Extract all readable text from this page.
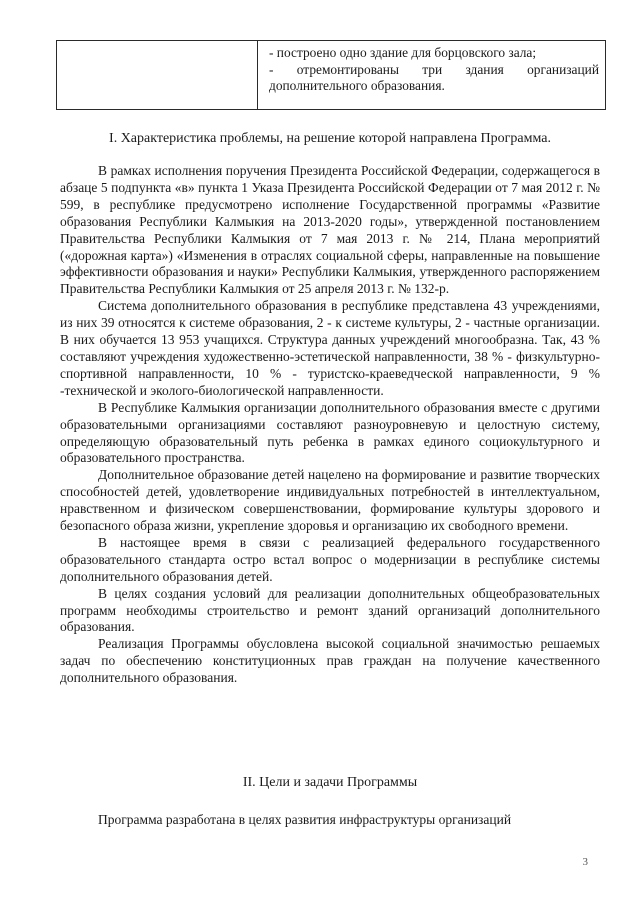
- построено одно здание для борцовского зала;

- отремонтированы три здания организаций дополнительного образования.

I. Характеристика проблемы, на решение которой направлена Программа.

В рамках исполнения поручения Президента Российской Федерации, содержащегося в абзаце 5 подпункта «в» пункта 1 Указа Президента Российской Федерации от 7 мая 2012 г. № 599, в республике предусмотрено исполнение Государственной программы «Развитие образования Республики Калмыкия на 2013-2020 годы», утвержденной постановлением Правительства Республики Калмыкия от 7 мая 2013 г. № 214, Плана мероприятий («дорожная карта») «Изменения в отраслях социальной сферы, направленные на повышение эффективности образования и науки» Республики Калмыкия, утвержденного распоряжением Правительства Республики Калмыкия от 25 апреля 2013 г. № 132-р.

Система дополнительного образования в республике представлена 43 учреждениями, из них 39 относятся к системе образования, 2 - к системе культуры, 2 - частные организации. В них обучается 13 953 учащихся. Структура данных учреждений многообразна. Так, 43 % составляют учреждения художественно-эстетической направленности, 38 % - физкультурно-спортивной направленности, 10 % - туристско-краеведческой направленности, 9 % -технической и эколого-биологической направленности.

В Республике Калмыкия организации дополнительного образования вместе с другими образовательными организациями составляют разноуровневую и целостную систему, определяющую образовательный путь ребенка в рамках единого социокультурного и образовательного пространства.

Дополнительное образование детей нацелено на формирование и развитие творческих способностей детей, удовлетворение индивидуальных потребностей в интеллектуальном, нравственном и физическом совершенствовании, формирование культуры здорового и безопасного образа жизни, укрепление здоровья и организацию их свободного времени.

В настоящее время в связи с реализацией федерального государственного образовательного стандарта остро встал вопрос о модернизации в республике системы дополнительного образования детей.

В целях создания условий для реализации дополнительных общеобразовательных программ необходимы строительство и ремонт зданий организаций дополнительного образования.

Реализация Программы обусловлена высокой социальной значимостью решаемых задач по обеспечению конституционных прав граждан на получение качественного дополнительного образования.

II. Цели и задачи Программы

Программа разработана в целях развития инфраструктуры организаций

3
